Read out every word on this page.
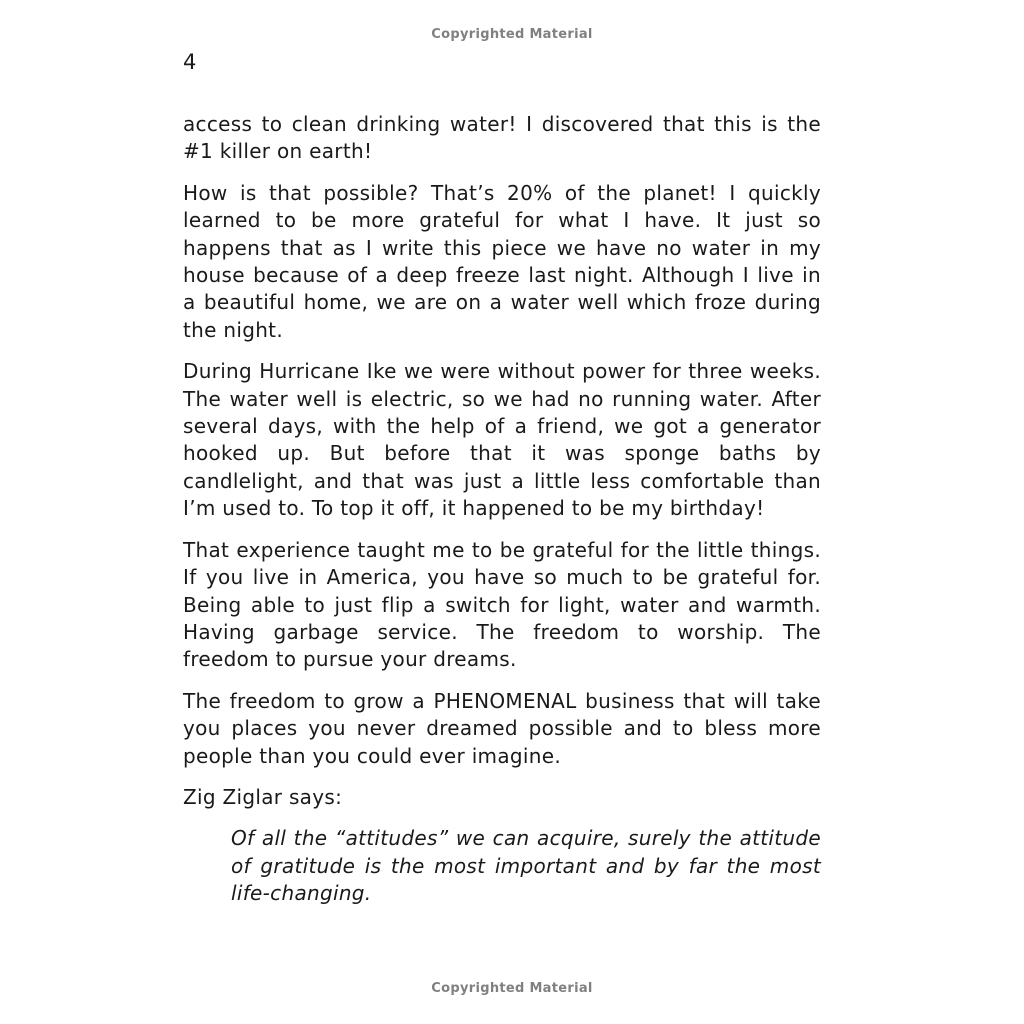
Copyrighted Material
4

access to clean drinking water! I discovered that this is the #1 killer on earth!

How is that possible? That’s 20% of the planet! I quickly learned to be more grateful for what I have. It just so happens that as I write this piece we have no water in my house because of a deep freeze last night. Although I live in a beautiful home, we are on a water well which froze during the night.

During Hurricane Ike we were without power for three weeks. The water well is electric, so we had no running water. After several days, with the help of a friend, we got a generator hooked up. But before that it was sponge baths by candlelight, and that was just a little less comfortable than I’m used to. To top it off, it happened to be my birthday!

That experience taught me to be grateful for the little things. If you live in America, you have so much to be grateful for. Being able to just flip a switch for light, water and warmth. Having garbage service. The freedom to worship. The freedom to pursue your dreams.

The freedom to grow a PHENOMENAL business that will take you places you never dreamed possible and to bless more people than you could ever imagine.

Zig Ziglar says:

Of all the “attitudes” we can acquire, surely the attitude of gratitude is the most important and by far the most life-changing.

Copyrighted Material
